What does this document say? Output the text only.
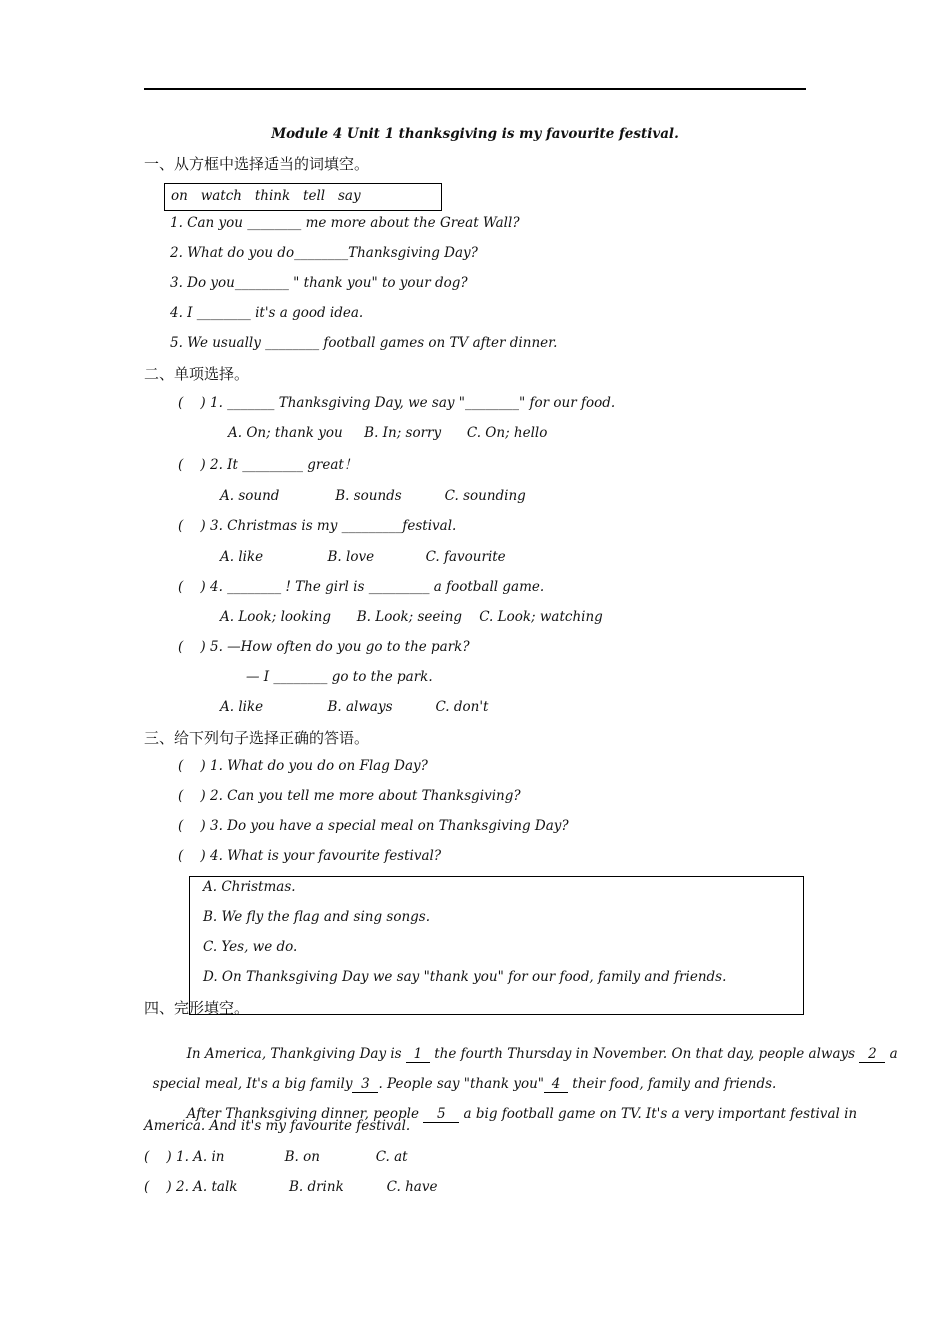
Module 4 Unit 1 thanksgiving is my favourite festival.
一、从方框中选择适当的词填空。
on   watch   think   tell   say
1. Can you ________ me more about the Great Wall?
2. What do you do________Thanksgiving Day?
3. Do you________ " thank you" to your dog?
4. I ________ it's a good idea.
5. We usually ________ football games on TV after dinner.
二、单项选择。
(    ) 1. _______ Thanksgiving Day, we say "________" for our food.
A. On; thank you     B. In; sorry      C. On; hello
(    ) 2. It _________ great！
A. sound             B. sounds          C. sounding
(    ) 3. Christmas is my _________festival.
A. like               B. love            C. favourite
(    ) 4. ________ ! The girl is _________ a football game.
A. Look; looking      B. Look; seeing    C. Look; watching
(    ) 5. —How often do you go to the park?
— I ________ go to the park.
A. like               B. always          C. don't
三、给下列句子选择正确的答语。
(    ) 1. What do you do on Flag Day?
(    ) 2. Can you tell me more about Thanksgiving?
(    ) 3. Do you have a special meal on Thanksgiving Day?
(    ) 4. What is your favourite festival?
A. Christmas.
B. We fly the flag and sing songs.
C. Yes, we do.
D. On Thanksgiving Day we say "thank you" for our food, family and friends.
四、完形填空。

In America, Thankgiving Day is 1 the fourth Thursday in November. On that day, people always 2 a

special meal, It's a big family 3 . People say "thank you" 4 their food, family and friends.

After Thanksgiving dinner, people 5 a big football game on TV. It's a very important festival in

America. And it's my favourite festival.
(    ) 1. A. in              B. on             C. at
(    ) 2. A. talk            B. drink          C. have
